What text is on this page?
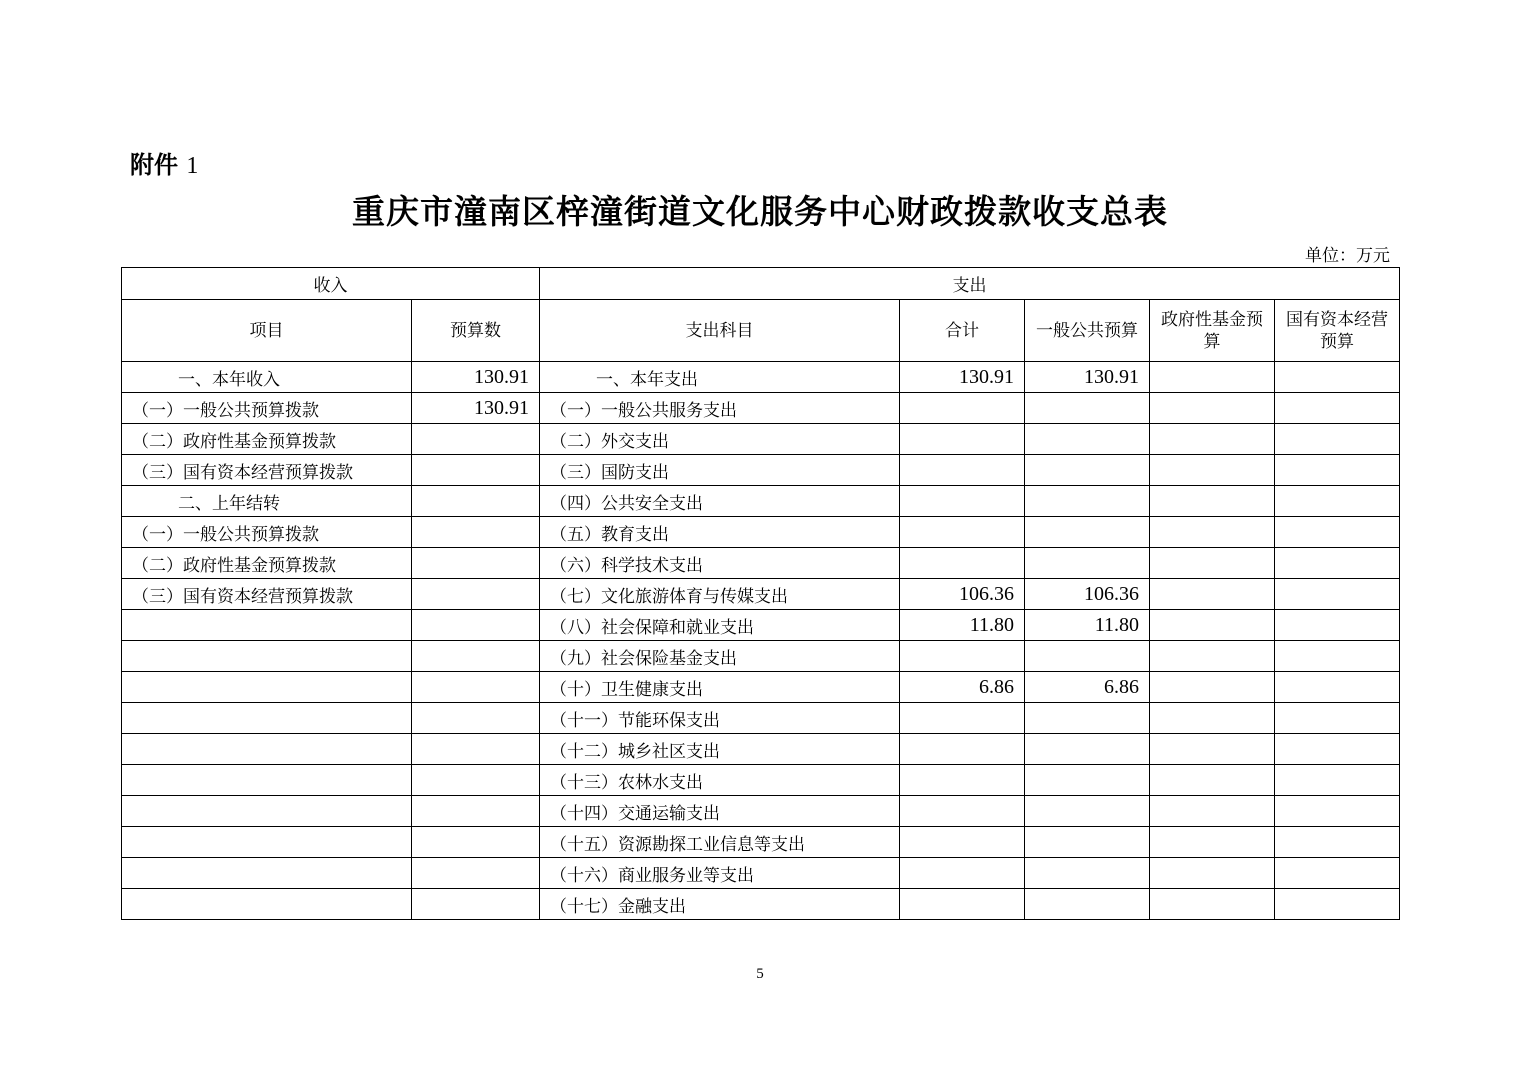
附件 1
重庆市潼南区梓潼街道文化服务中心财政拨款收支总表
单位：万元
收入		支出				
项目	预算数	支出科目	合计	一般公共预算	政府性基金预算	国有资本经营预算
一、本年收入	130.91	一、本年支出	130.91	130.91		
（一）一般公共预算拨款	130.91	（一）一般公共服务支出				
（二）政府性基金预算拨款		（二）外交支出				
（三）国有资本经营预算拨款		（三）国防支出				
二、上年结转		（四）公共安全支出				
（一）一般公共预算拨款		（五）教育支出				
（二）政府性基金预算拨款		（六）科学技术支出				
（三）国有资本经营预算拨款		（七）文化旅游体育与传媒支出	106.36	106.36		
		（八）社会保障和就业支出	11.80	11.80		
		（九）社会保险基金支出				
		（十）卫生健康支出	6.86	6.86		
		（十一）节能环保支出				
		（十二）城乡社区支出				
		（十三）农林水支出				
		（十四）交通运输支出				
		（十五）资源勘探工业信息等支出				
		（十六）商业服务业等支出				
		（十七）金融支出				
5
